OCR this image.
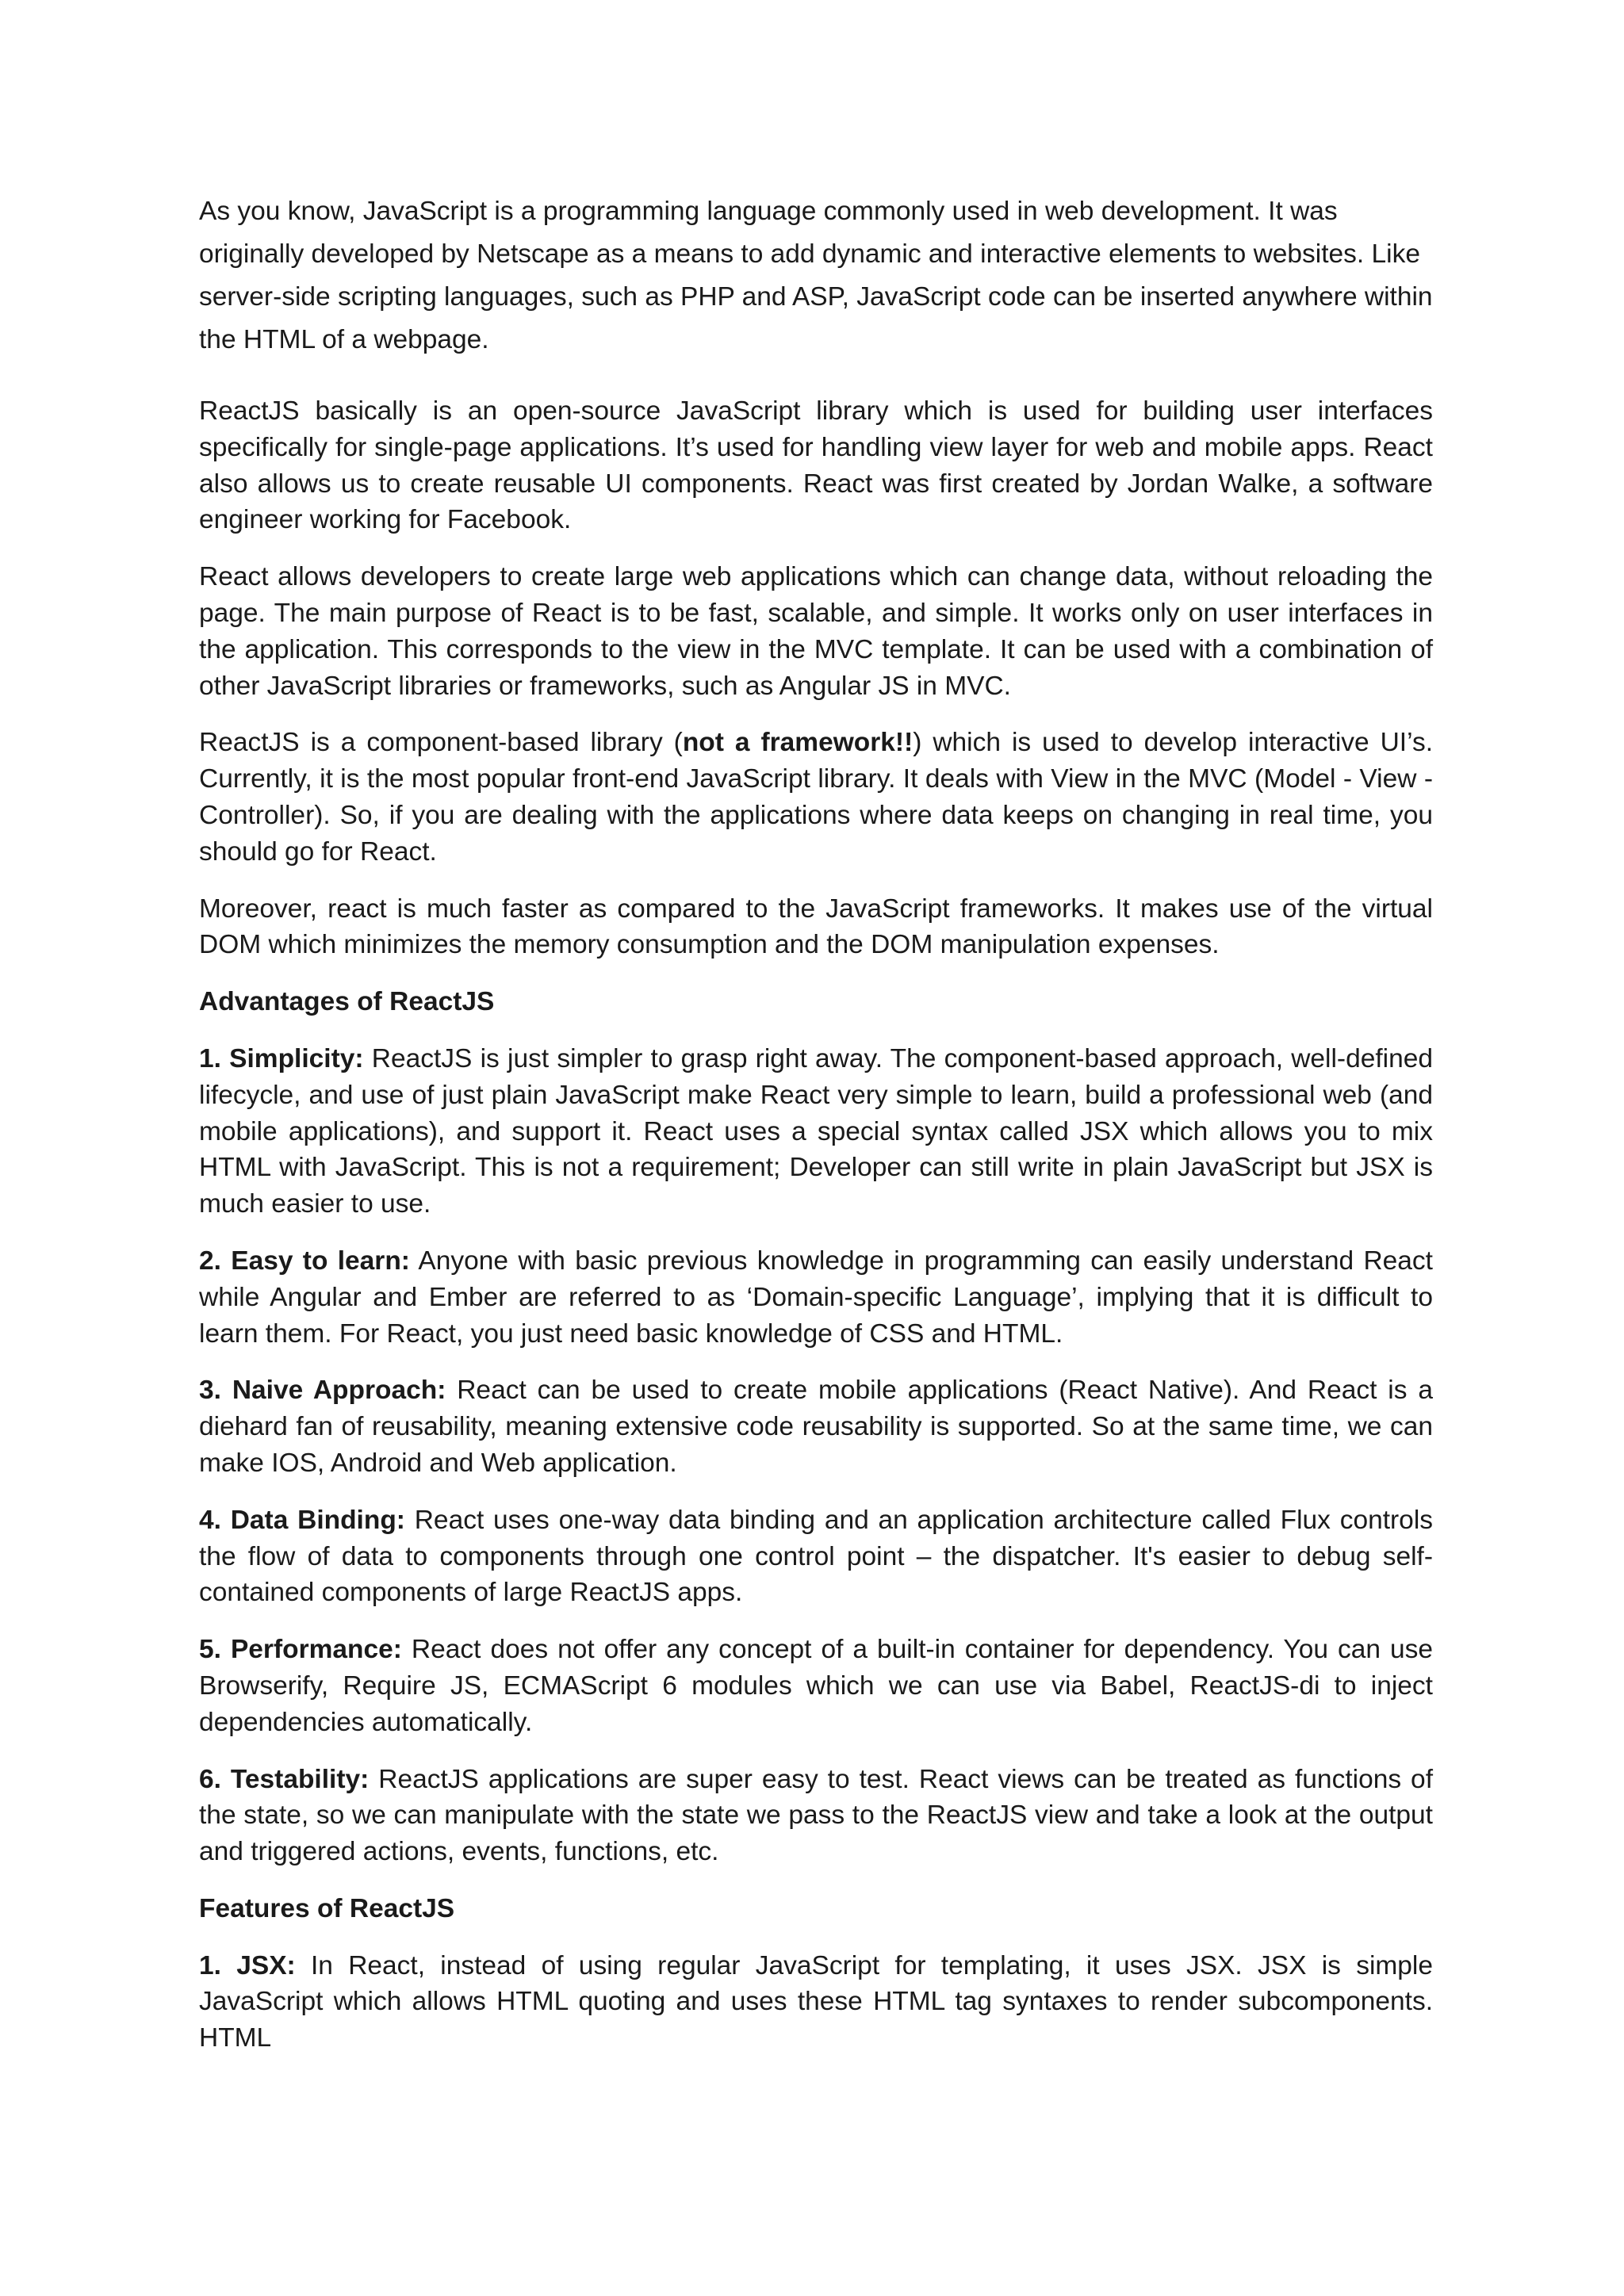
As you know, JavaScript is a programming language commonly used in web development. It was originally developed by Netscape as a means to add dynamic and interactive elements to websites. Like server-side scripting languages, such as PHP and ASP, JavaScript code can be inserted anywhere within the HTML of a webpage.

ReactJS basically is an open-source JavaScript library which is used for building user interfaces specifically for single-page applications. It’s used for handling view layer for web and mobile apps. React also allows us to create reusable UI components. React was first created by Jordan Walke, a software engineer working for Facebook.

React allows developers to create large web applications which can change data, without reloading the page. The main purpose of React is to be fast, scalable, and simple. It works only on user interfaces in the application. This corresponds to the view in the MVC template. It can be used with a combination of other JavaScript libraries or frameworks, such as Angular JS in MVC.

ReactJS is a component-based library (not a framework!!) which is used to develop interactive UI’s. Currently, it is the most popular front-end JavaScript library. It deals with View in the MVC (Model - View - Controller). So, if you are dealing with the applications where data keeps on changing in real time, you should go for React.

Moreover, react is much faster as compared to the JavaScript frameworks. It makes use of the virtual DOM which minimizes the memory consumption and the DOM manipulation expenses.

Advantages of ReactJS

1. Simplicity: ReactJS is just simpler to grasp right away. The component-based approach, well-defined lifecycle, and use of just plain JavaScript make React very simple to learn, build a professional web (and mobile applications), and support it. React uses a special syntax called JSX which allows you to mix HTML with JavaScript. This is not a requirement; Developer can still write in plain JavaScript but JSX is much easier to use.

2. Easy to learn: Anyone with basic previous knowledge in programming can easily understand React while Angular and Ember are referred to as ‘Domain-specific Language’, implying that it is difficult to learn them. For React, you just need basic knowledge of CSS and HTML.

3. Naive Approach: React can be used to create mobile applications (React Native). And React is a diehard fan of reusability, meaning extensive code reusability is supported. So at the same time, we can make IOS, Android and Web application.

4. Data Binding: React uses one-way data binding and an application architecture called Flux controls the flow of data to components through one control point – the dispatcher. It's easier to debug self-contained components of large ReactJS apps.

5. Performance: React does not offer any concept of a built-in container for dependency. You can use Browserify, Require JS, ECMAScript 6 modules which we can use via Babel, ReactJS-di to inject dependencies automatically.

6. Testability: ReactJS applications are super easy to test. React views can be treated as functions of the state, so we can manipulate with the state we pass to the ReactJS view and take a look at the output and triggered actions, events, functions, etc.

Features of ReactJS

1. JSX: In React, instead of using regular JavaScript for templating, it uses JSX. JSX is simple JavaScript which allows HTML quoting and uses these HTML tag syntaxes to render subcomponents. HTML
